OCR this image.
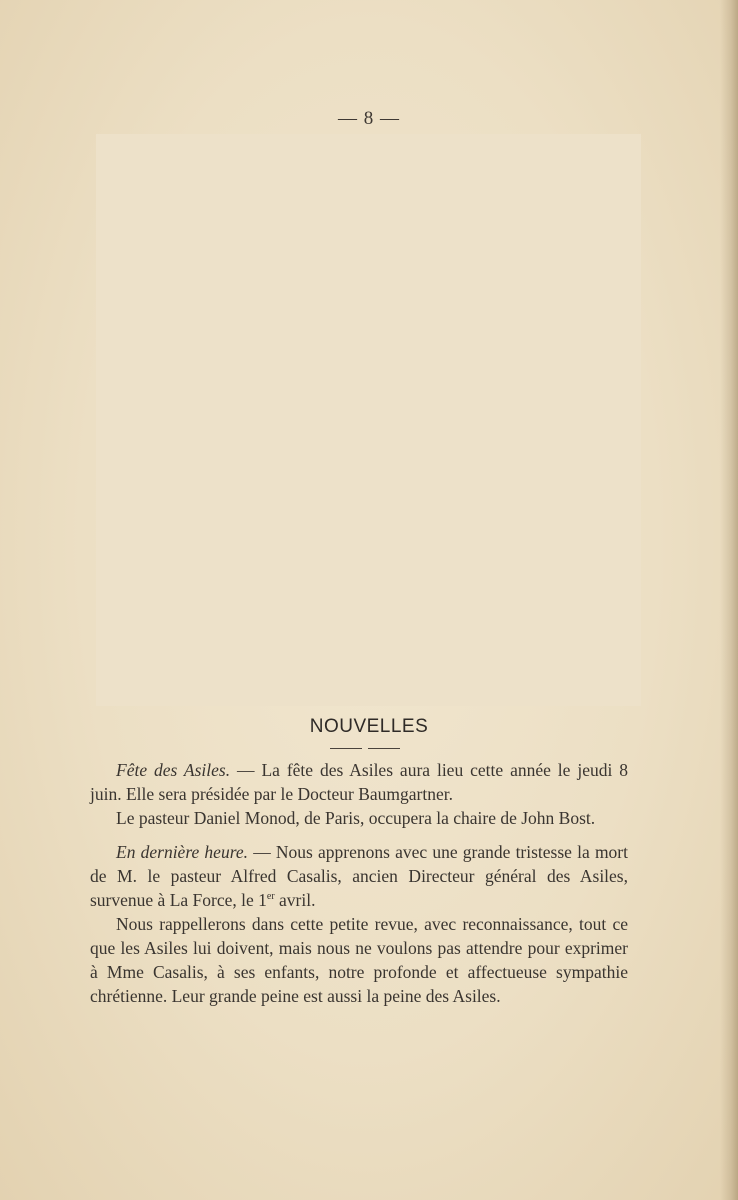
— 8 —
NOUVELLES

Fête des Asiles. — La fête des Asiles aura lieu cette année le jeudi 8 juin. Elle sera présidée par le Docteur Baumgartner.

Le pasteur Daniel Monod, de Paris, occupera la chaire de John Bost.

En dernière heure. — Nous apprenons avec une grande tristesse la mort de M. le pasteur Alfred Casalis, ancien Directeur général des Asiles, survenue à La Force, le 1er avril.

Nous rappellerons dans cette petite revue, avec reconnaissance, tout ce que les Asiles lui doivent, mais nous ne voulons pas attendre pour exprimer à Mme Casalis, à ses enfants, notre profonde et affectueuse sympathie chrétienne. Leur grande peine est aussi la peine des Asiles.
